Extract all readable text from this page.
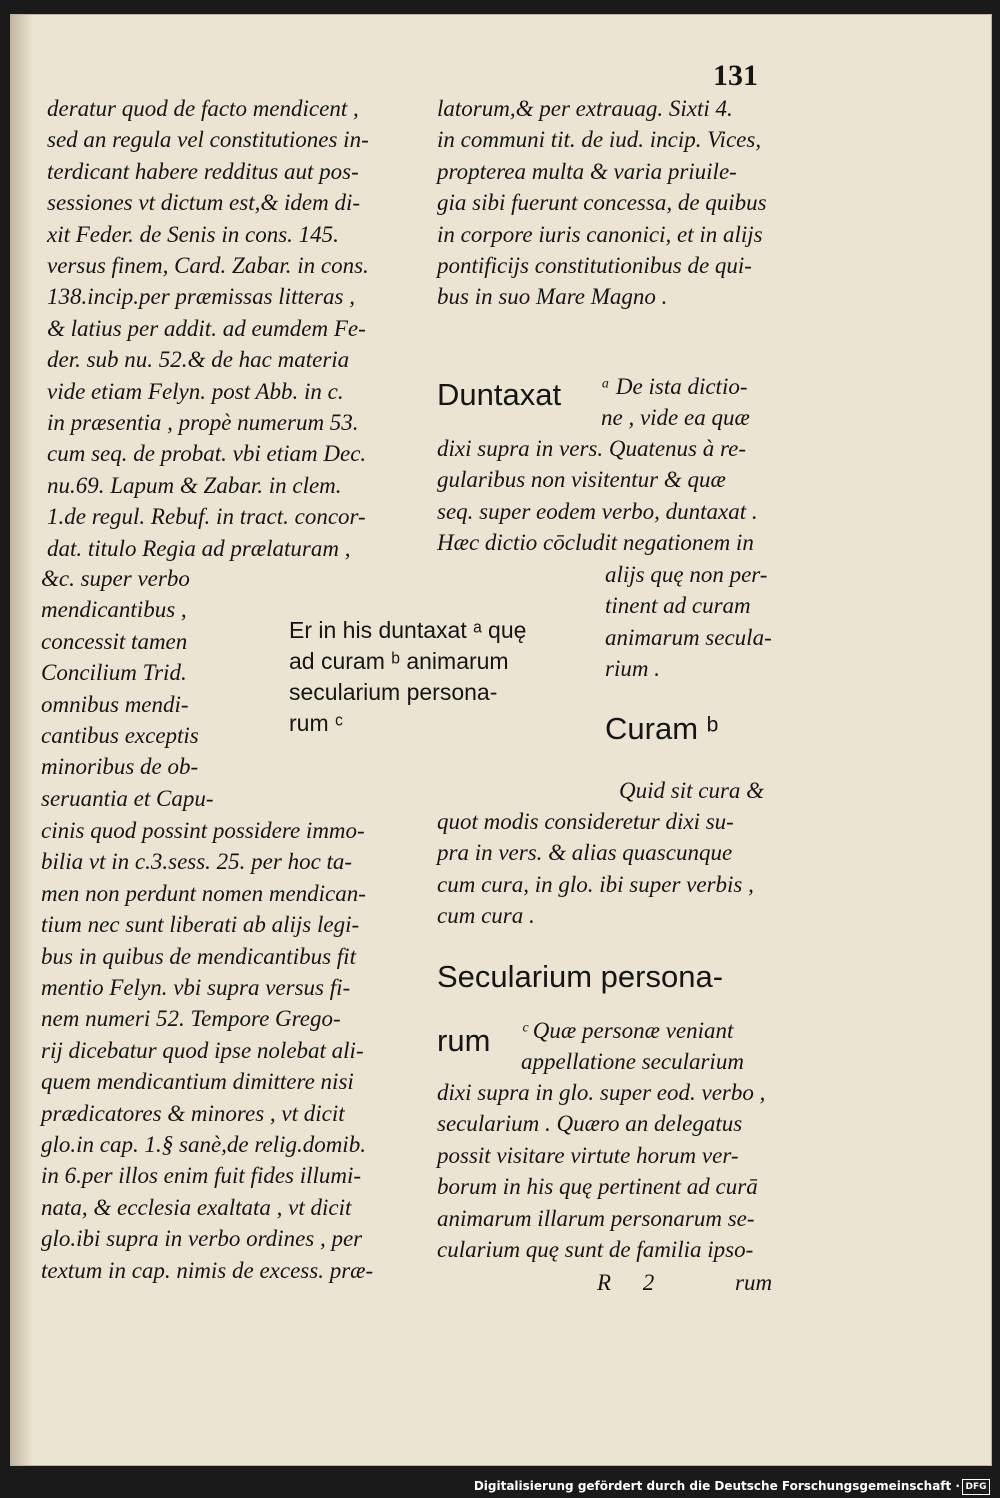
131
deratur quod de facto mendicent ,
sed an regula vel constitutiones in-
terdicant habere redditus aut pos-
sessiones vt dictum est,& idem di-
xit Feder. de Senis in cons. 145.
versus finem, Card. Zabar. in cons.
138.incip.per præmissas litteras ,
& latius per addit. ad eumdem Fe-
der. sub nu. 52.& de hac materia
vide etiam Felyn. post Abb. in c.
in præsentia , propè numerum 53.
cum seq. de probat. vbi etiam Dec.
nu.69. Lapum & Zabar. in clem.
1.de regul. Rebuf. in tract. concor-
dat. titulo Regia ad prælaturam ,
&c. super verbo
mendicantibus ,
concessit tamen
Concilium Trid.
omnibus mendi-
cantibus exceptis
minoribus de ob-
seruantia et Capu-
cinis quod possint possidere immo-
bilia vt in c.3.sess. 25. per hoc ta-
men non perdunt nomen mendican-
tium nec sunt liberati ab alijs legi-
bus in quibus de mendicantibus fit
mentio Felyn. vbi supra versus fi-
nem numeri 52. Tempore Grego-
rij dicebatur quod ipse nolebat ali-
quem mendicantium dimittere nisi
prædicatores & minores , vt dicit
glo.in cap. 1.§ sanè,de relig.domib.
in 6.per illos enim fuit fides illumi-
nata, & ecclesia exaltata , vt dicit
glo.ibi supra in verbo ordines , per
textum in cap. nimis de excess. præ-
Er in his duntaxat ᵃ quę
ad curam ᵇ animarum
secularium persona-
rum ᶜ
latorum,& per extrauag. Sixti 4.
in communi tit. de iud. incip. Vices,
propterea multa & varia priuile-
gia sibi fuerunt concessa, de quibus
in corpore iuris canonici, et in alijs
pontificijs constitutionibus de qui-
bus in suo Mare Magno .
Duntaxat ᵃ De ista dictio-
ne , vide ea quæ
dixi supra in vers. Quatenus à re-
gularibus non visitentur & quæ
seq. super eodem verbo, duntaxat .
Hæc dictio cōcludit negationem in
alijs quę non per-
tinent ad curam
animarum secula-
rium .
Curam ᵇ
Quid sit cura &
quot modis consideretur dixi su-
pra in vers. & alias quascunque
cum cura, in glo. ibi super verbis ,
cum cura .
Secularium persona-
rum ᶜ Quæ personæ veniant
appellatione secularium
dixi supra in glo. super eod. verbo ,
secularium . Quæro an delegatus
possit visitare virtute horum ver-
borum in his quę pertinent ad curā
animarum illarum personarum se-
cularium quę sunt de familia ipso-
R 2	rum
Digitalisierung gefördert durch die Deutsche Forschungsgemeinschaft · DFG
